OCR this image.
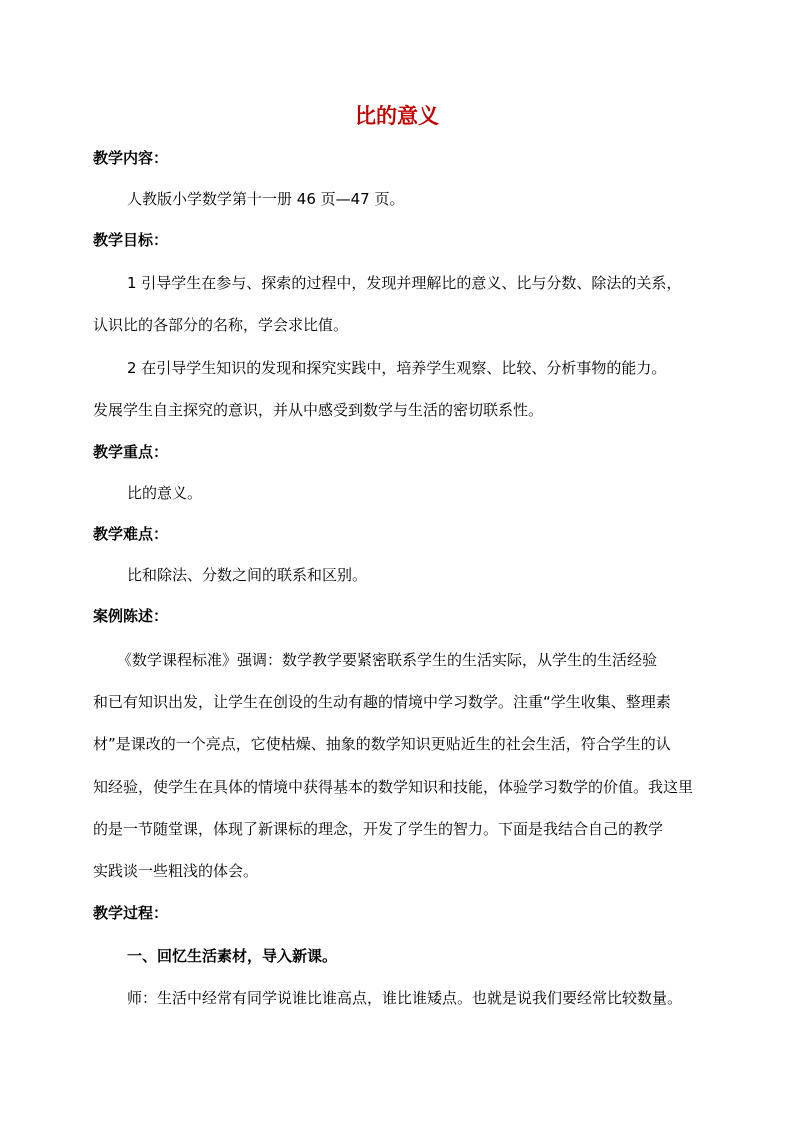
比的意义
教学内容：
人教版小学数学第十一册 46 页—47 页。
教学目标：
1 引导学生在参与、探索的过程中，发现并理解比的意义、比与分数、除法的关系，
认识比的各部分的名称，学会求比值。
2 在引导学生知识的发现和探究实践中，培养学生观察、比较、分析事物的能力。
发展学生自主探究的意识，并从中感受到数学与生活的密切联系性。
教学重点：
比的意义。
教学难点：
比和除法、分数之间的联系和区别。
案例陈述：
《数学课程标准》强调：数学教学要紧密联系学生的生活实际，从学生的生活经验
和已有知识出发，让学生在创设的生动有趣的情境中学习数学。注重“学生收集、整理素
材”是课改的一个亮点，它使枯燥、抽象的数学知识更贴近生的社会生活，符合学生的认
知经验，使学生在具体的情境中获得基本的数学知识和技能，体验学习数学的价值。我这里
的是一节随堂课，体现了新课标的理念，开发了学生的智力。下面是我结合自己的教学
实践谈一些粗浅的体会。
教学过程：
一、回忆生活素材，导入新课。
师：生活中经常有同学说谁比谁高点，谁比谁矮点。也就是说我们要经常比较数量。
